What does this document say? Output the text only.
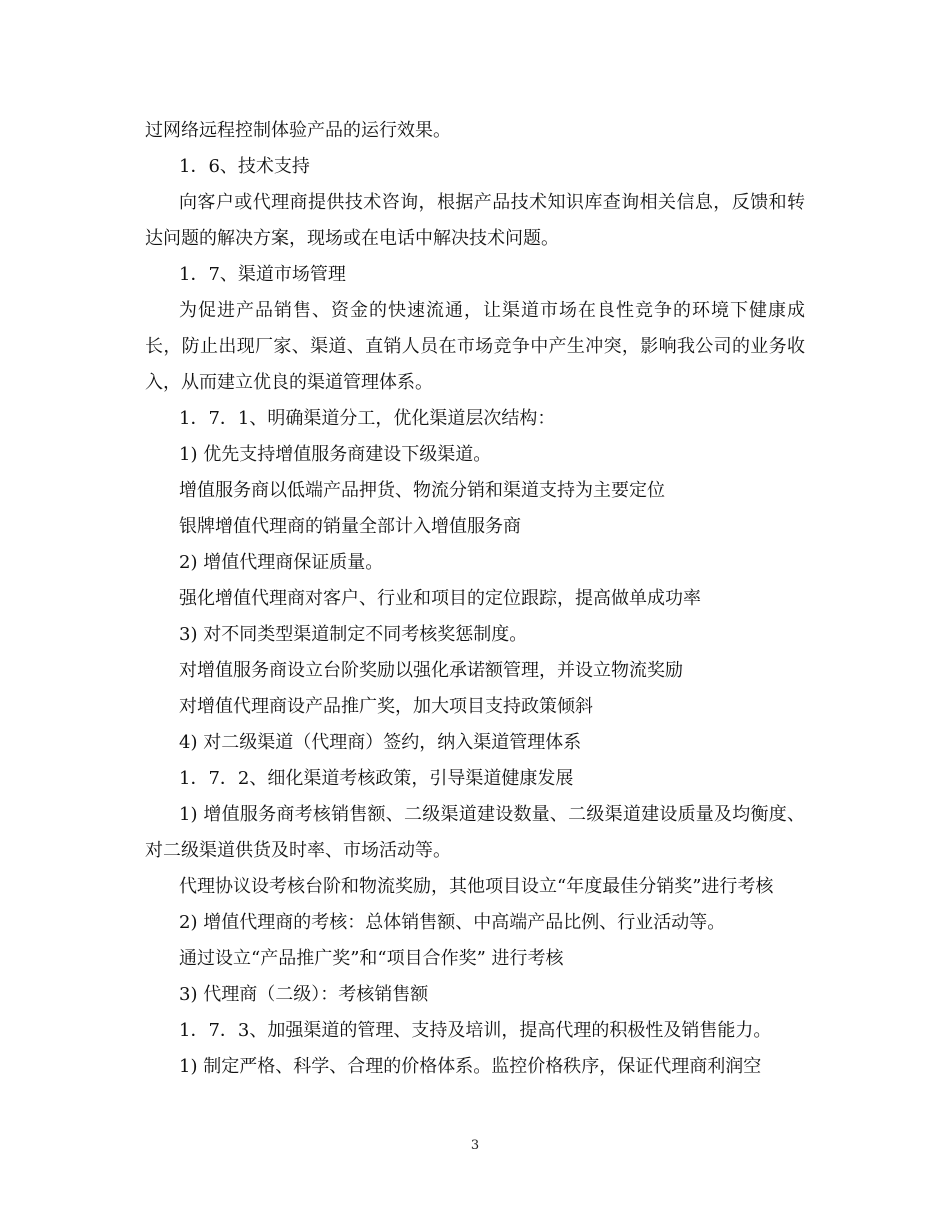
过网络远程控制体验产品的运行效果。

1．6、技术支持

向客户或代理商提供技术咨询，根据产品技术知识库查询相关信息，反馈和转达问题的解决方案，现场或在电话中解决技术问题。

1．7、渠道市场管理

为促进产品销售、资金的快速流通，让渠道市场在良性竞争的环境下健康成长，防止出现厂家、渠道、直销人员在市场竞争中产生冲突，影响我公司的业务收入，从而建立优良的渠道管理体系。

1．7．1、明确渠道分工，优化渠道层次结构：

1) 优先支持增值服务商建设下级渠道。

增值服务商以低端产品押货、物流分销和渠道支持为主要定位

银牌增值代理商的销量全部计入增值服务商

2) 增值代理商保证质量。

强化增值代理商对客户、行业和项目的定位跟踪，提高做单成功率

3) 对不同类型渠道制定不同考核奖惩制度。

对增值服务商设立台阶奖励以强化承诺额管理，并设立物流奖励

对增值代理商设产品推广奖，加大项目支持政策倾斜

4) 对二级渠道（代理商）签约，纳入渠道管理体系

1．7．2、细化渠道考核政策，引导渠道健康发展

1) 增值服务商考核销售额、二级渠道建设数量、二级渠道建设质量及均衡度、对二级渠道供货及时率、市场活动等。

代理协议设考核台阶和物流奖励，其他项目设立“年度最佳分销奖”进行考核

2) 增值代理商的考核：总体销售额、中高端产品比例、行业活动等。

通过设立“产品推广奖”和“项目合作奖” 进行考核

3) 代理商（二级）：考核销售额

1．7．3、加强渠道的管理、支持及培训，提高代理的积极性及销售能力。

1) 制定严格、科学、合理的价格体系。监控价格秩序，保证代理商利润空

3
